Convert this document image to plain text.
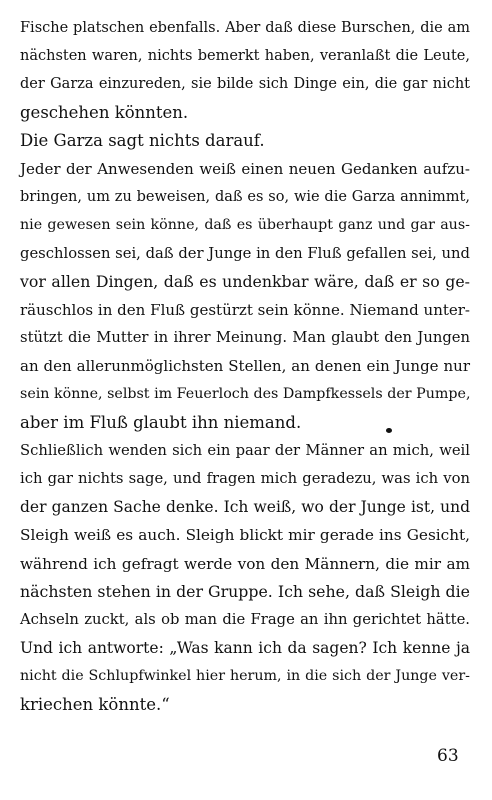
Fische platschen ebenfalls. Aber daß diese Burschen, die am
nächsten waren, nichts bemerkt haben, veranlaßt die Leute,
der Garza einzureden, sie bilde sich Dinge ein, die gar nicht
geschehen könnten.
Die Garza sagt nichts darauf.
Jeder der Anwesenden weiß einen neuen Gedanken aufzu-
bringen, um zu beweisen, daß es so, wie die Garza annimmt,
nie gewesen sein könne, daß es überhaupt ganz und gar aus-
geschlossen sei, daß der Junge in den Fluß gefallen sei, und
vor allen Dingen, daß es undenkbar wäre, daß er so ge-
räuschlos in den Fluß gestürzt sein könne. Niemand unter-
stützt die Mutter in ihrer Meinung. Man glaubt den Jungen
an den allerunmöglichsten Stellen, an denen ein Junge nur
sein könne, selbst im Feuerloch des Dampfkessels der Pumpe,
aber im Fluß glaubt ihn niemand.
Schließlich wenden sich ein paar der Männer an mich, weil
ich gar nichts sage, und fragen mich geradezu, was ich von
der ganzen Sache denke. Ich weiß, wo der Junge ist, und
Sleigh weiß es auch. Sleigh blickt mir gerade ins Gesicht,
während ich gefragt werde von den Männern, die mir am
nächsten stehen in der Gruppe. Ich sehe, daß Sleigh die
Achseln zuckt, als ob man die Frage an ihn gerichtet hätte.
Und ich antworte: „Was kann ich da sagen? Ich kenne ja
nicht die Schlupfwinkel hier herum, in die sich der Junge ver-
kriechen könnte.“
63
